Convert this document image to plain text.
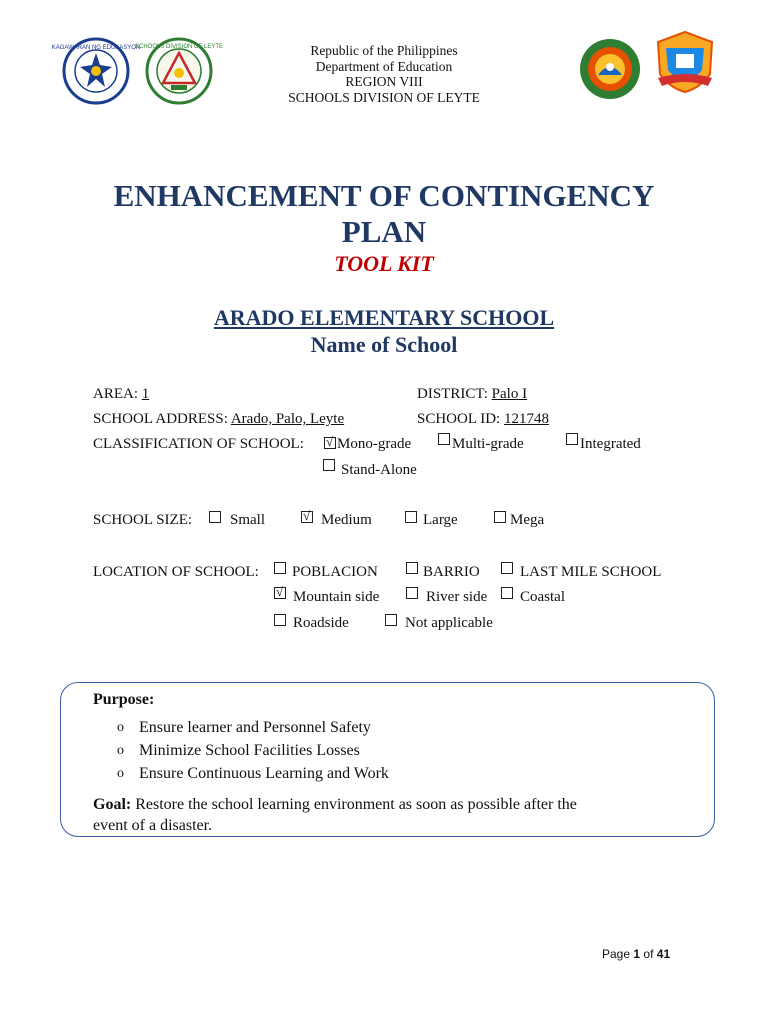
KAGAWARAN NG EDUKASYON
SCHOOLS DIVISION OF LEYTE	Republic of the Philippines
Department of Education
REGION VIII
SCHOOLS DIVISION OF LEYTE
ENHANCEMENT OF CONTINGENCY
PLAN
TOOL KIT
ARADO ELEMENTARY SCHOOL
Name of School
AREA: 1	DISTRICT: Palo I
SCHOOL ADDRESS: Arado, Palo, Leyte	SCHOOL ID: 121748
CLASSIFICATION OF SCHOOL: √ Mono-grade	Multi-grade	Integrated
Stand-Alone
SCHOOL SIZE:	Small √	Medium	Large	Mega
LOCATION OF SCHOOL: POBLACION	BARRIO	LAST MILE SCHOOL
√
Mountain side	River side Coastal
Roadside	Not applicable
Purpose:
o Ensure learner and Personnel Safety
o Minimize School Facilities Losses
o Ensure Continuous Learning and Work
Goal: Restore the school learning environment as soon as possible after the
event of a disaster.
Page 1 of 41
